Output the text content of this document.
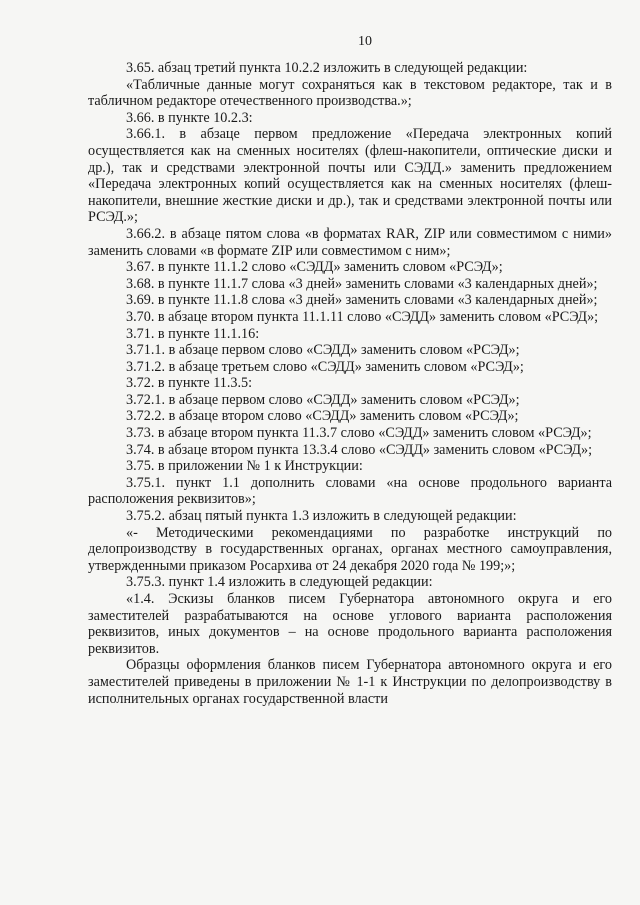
10

3.65. абзац третий пункта 10.2.2 изложить в следующей редакции:

«Табличные данные могут сохраняться как в текстовом редакторе, так и в табличном редакторе отечественного производства.»;

3.66. в пункте 10.2.3:

3.66.1. в абзаце первом предложение «Передача электронных копий осуществляется как на сменных носителях (флеш-накопители, оптические диски и др.), так и средствами электронной почты или СЭДД.» заменить предложением «Передача электронных копий осуществляется как на сменных носителях (флеш-накопители, внешние жесткие диски и др.), так и средствами электронной почты или РСЭД.»;

3.66.2. в абзаце пятом слова «в форматах RAR, ZIP или совместимом с ними» заменить словами «в формате ZIP или совместимом с ним»;

3.67. в пункте 11.1.2 слово «СЭДД» заменить словом «РСЭД»;

3.68. в пункте 11.1.7 слова «3 дней» заменить словами «3 календарных дней»;

3.69. в пункте 11.1.8 слова «3 дней» заменить словами «3 календарных дней»;

3.70. в абзаце втором пункта 11.1.11 слово «СЭДД» заменить словом «РСЭД»;

3.71. в пункте 11.1.16:

3.71.1. в абзаце первом слово «СЭДД» заменить словом «РСЭД»;

3.71.2. в абзаце третьем слово «СЭДД» заменить словом «РСЭД»;

3.72. в пункте 11.3.5:

3.72.1. в абзаце первом слово «СЭДД» заменить словом «РСЭД»;

3.72.2. в абзаце втором слово «СЭДД» заменить словом «РСЭД»;

3.73. в абзаце втором пункта 11.3.7 слово «СЭДД» заменить словом «РСЭД»;

3.74. в абзаце втором пункта 13.3.4 слово «СЭДД» заменить словом «РСЭД»;

3.75. в приложении № 1 к Инструкции:

3.75.1. пункт 1.1 дополнить словами «на основе продольного варианта расположения реквизитов»;

3.75.2. абзац пятый пункта 1.3 изложить в следующей редакции:

«- Методическими рекомендациями по разработке инструкций по делопроизводству в государственных органах, органах местного самоуправления, утвержденными приказом Росархива от 24 декабря 2020 года № 199;»;

3.75.3. пункт 1.4 изложить в следующей редакции:

«1.4. Эскизы бланков писем Губернатора автономного округа и его заместителей разрабатываются на основе углового варианта расположения реквизитов, иных документов – на основе продольного варианта расположения реквизитов.

Образцы оформления бланков писем Губернатора автономного округа и его заместителей приведены в приложении № 1-1 к Инструкции по делопроизводству в исполнительных органах государственной власти
